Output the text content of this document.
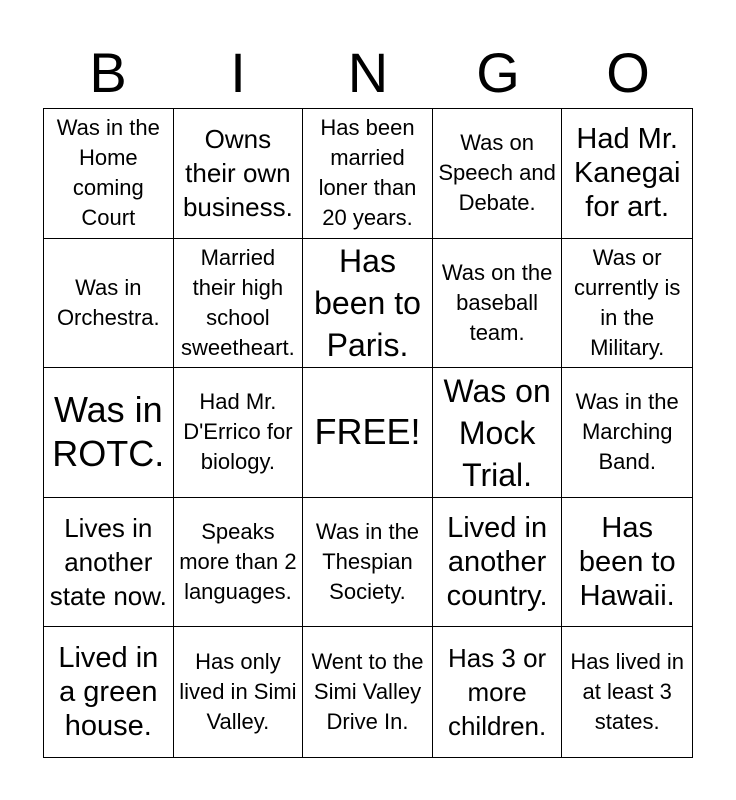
B	I	N	G	O
Was in the Home coming Court
Owns their own business.
Has been married loner than 20 years.
Was on Speech and Debate.
Had Mr. Kanegai for art.
Was in Orchestra.
Married their high school sweetheart.
Has been to Paris.
Was on the baseball team.
Was or currently is in the Military.
Was in ROTC.
Had Mr. D'Errico for biology.
FREE!
Was on Mock Trial.
Was in the Marching Band.
Lives in another state now.
Speaks more than 2 languages.
Was in the Thespian Society.
Lived in another country.
Has been to Hawaii.
Lived in a green house.
Has only lived in Simi Valley.
Went to the Simi Valley Drive In.
Has 3 or more children.
Has lived in at least 3 states.
